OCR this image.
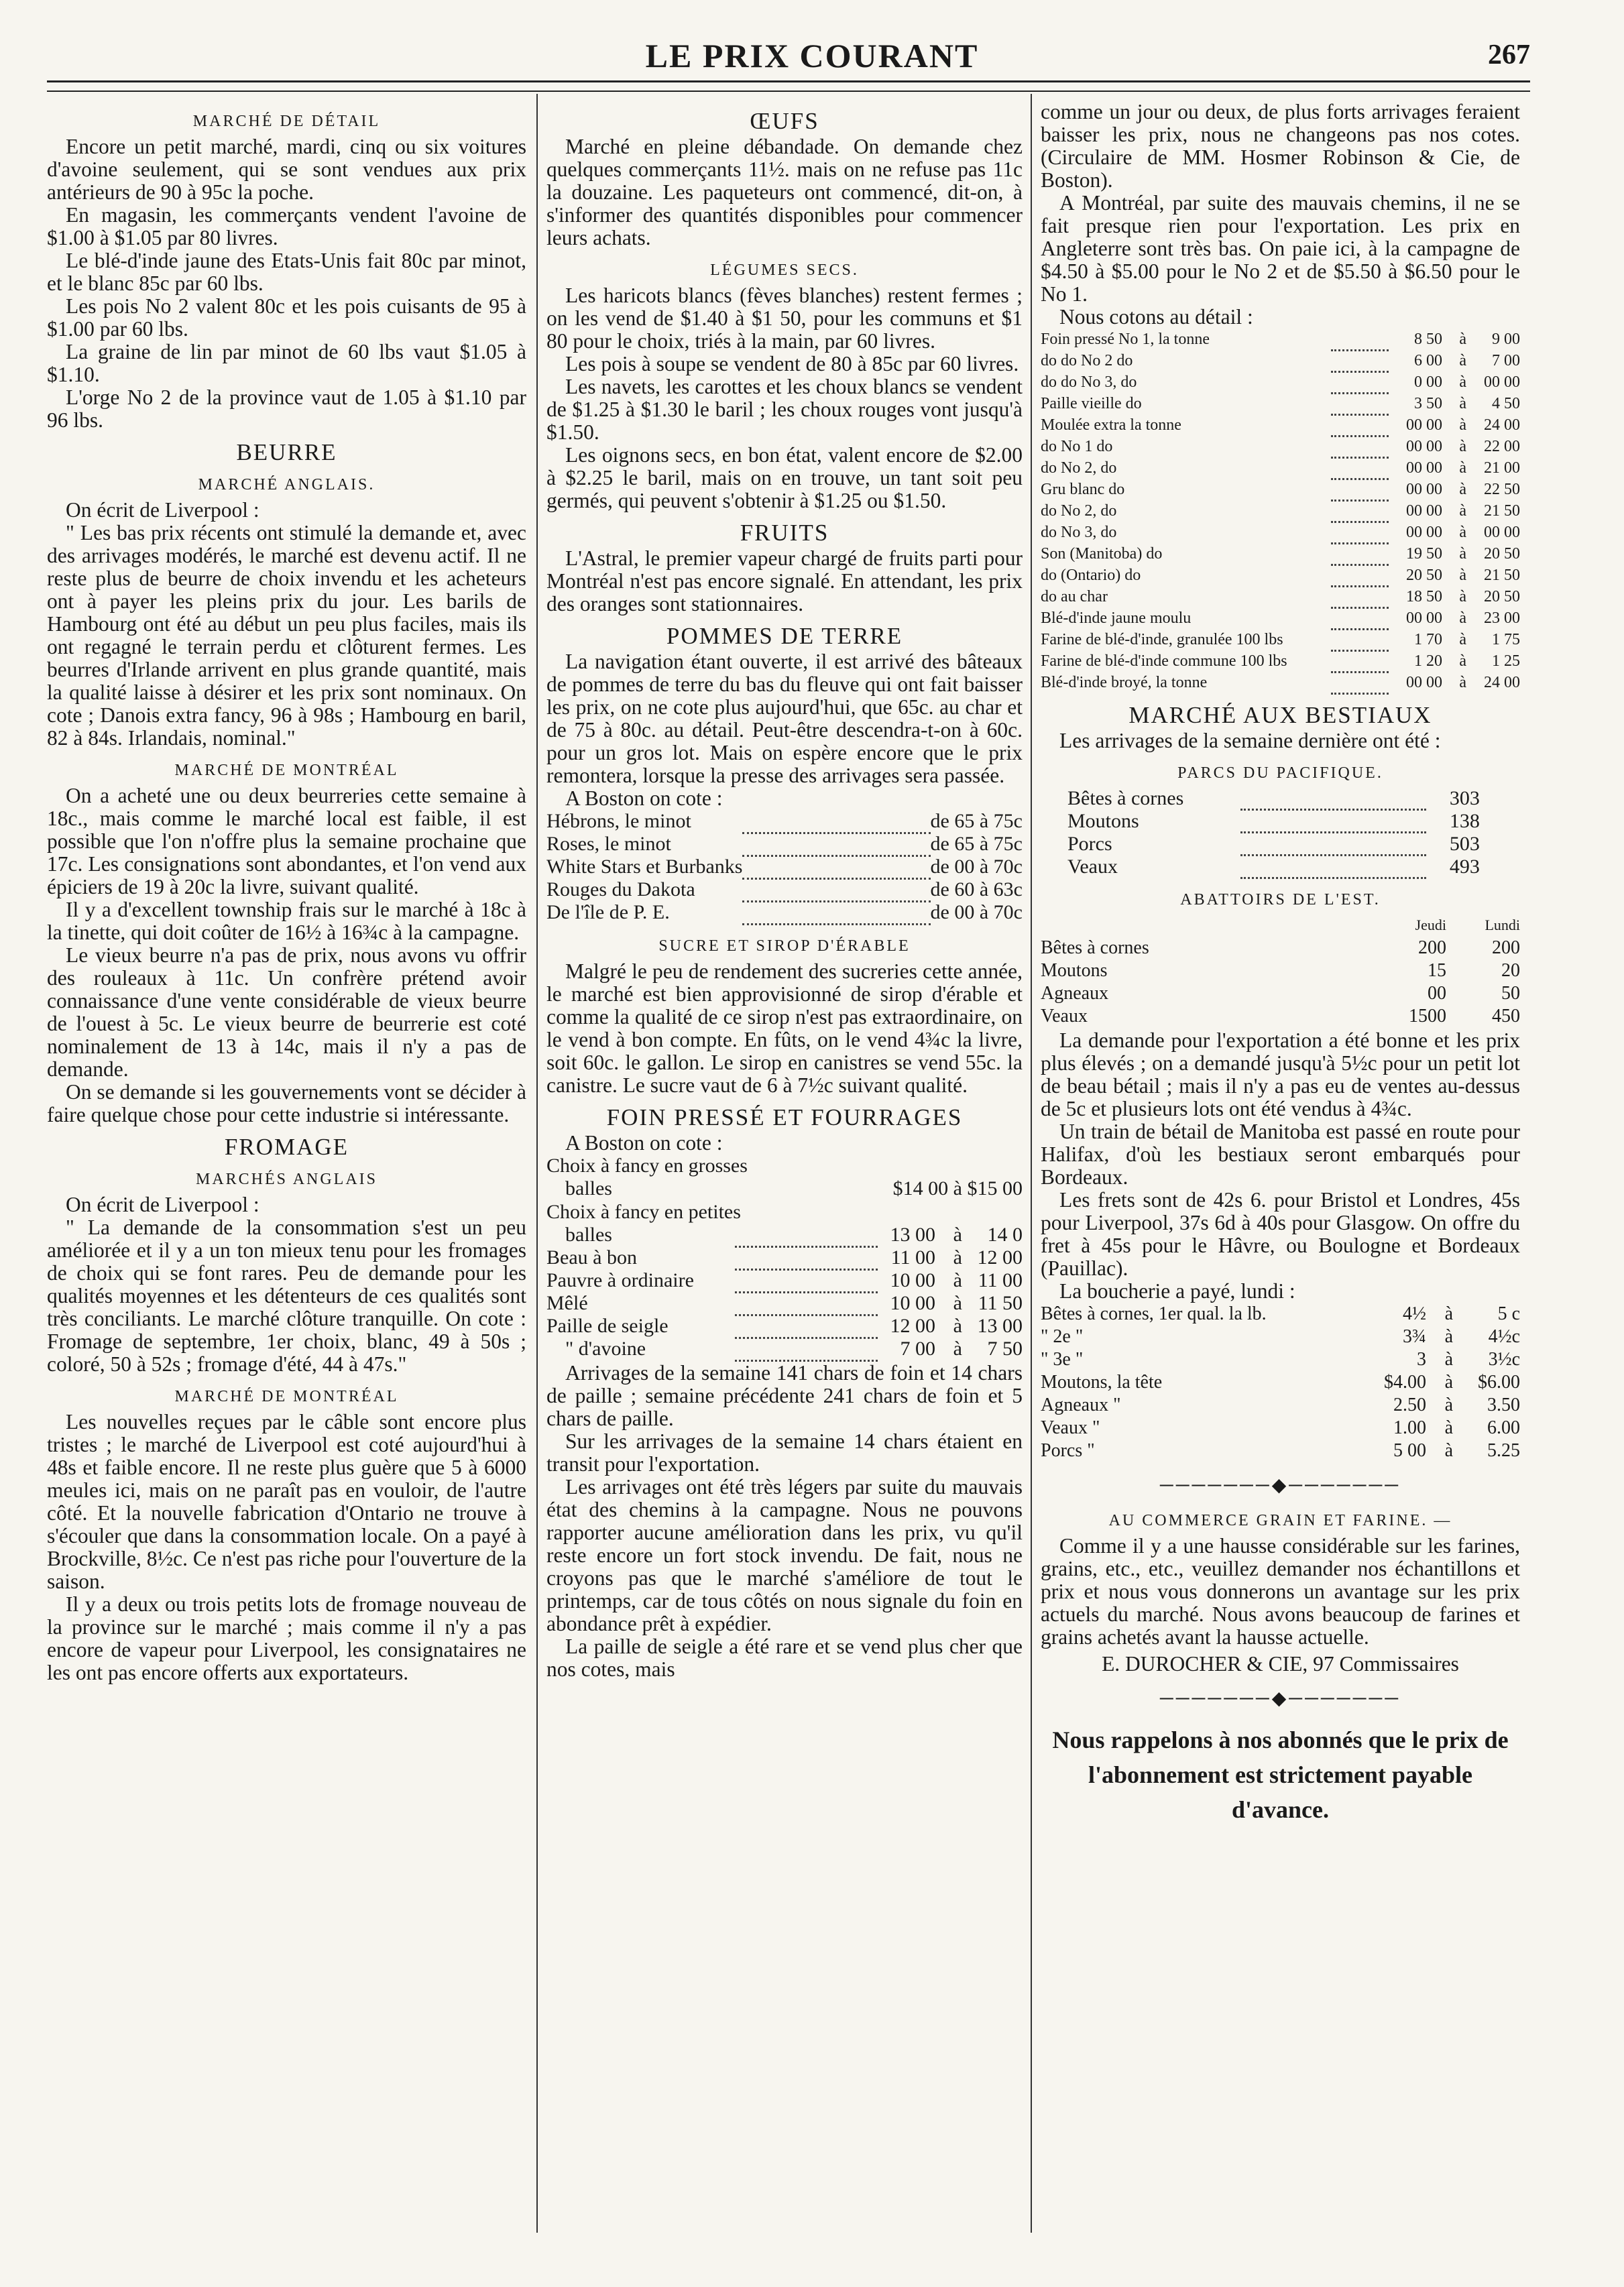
LE PRIX COURANT	267
MARCHÉ DE DÉTAIL

Encore un petit marché, mardi, cinq ou six voitures d'avoine seulement, qui se sont vendues aux prix antérieurs de 90 à 95c la poche.

En magasin, les commerçants vendent l'avoine de $1.00 à $1.05 par 80 livres.

Le blé-d'inde jaune des Etats-Unis fait 80c par minot, et le blanc 85c par 60 lbs.

Les pois No 2 valent 80c et les pois cuisants de 95 à $1.00 par 60 lbs.

La graine de lin par minot de 60 lbs vaut $1.05 à $1.10.

L'orge No 2 de la province vaut de 1.05 à $1.10 par 96 lbs.

BEURRE
MARCHÉ ANGLAIS.

On écrit de Liverpool :

" Les bas prix récents ont stimulé la demande et, avec des arrivages modérés, le marché est devenu actif. Il ne reste plus de beurre de choix invendu et les acheteurs ont à payer les pleins prix du jour. Les barils de Hambourg ont été au début un peu plus faciles, mais ils ont regagné le terrain perdu et clôturent fermes. Les beurres d'Irlande arrivent en plus grande quantité, mais la qualité laisse à désirer et les prix sont nominaux. On cote ; Danois extra fancy, 96 à 98s ; Hambourg en baril, 82 à 84s. Irlandais, nominal."

MARCHÉ DE MONTRÉAL

On a acheté une ou deux beurreries cette semaine à 18c., mais comme le marché local est faible, il est possible que l'on n'offre plus la semaine prochaine que 17c. Les consignations sont abondantes, et l'on vend aux épiciers de 19 à 20c la livre, suivant qualité.

Il y a d'excellent township frais sur le marché à 18c à la tinette, qui doit coûter de 16½ à 16¾c à la campagne.

Le vieux beurre n'a pas de prix, nous avons vu offrir des rouleaux à 11c. Un confrère prétend avoir connaissance d'une vente considérable de vieux beurre de l'ouest à 5c. Le vieux beurre de beurrerie est coté nominalement de 13 à 14c, mais il n'y a pas de demande.

On se demande si les gouvernements vont se décider à faire quelque chose pour cette industrie si intéressante.

FROMAGE
MARCHÉS ANGLAIS

On écrit de Liverpool :

" La demande de la consommation s'est un peu améliorée et il y a un ton mieux tenu pour les fromages de choix qui se font rares. Peu de demande pour les qualités moyennes et les détenteurs de ces qualités sont très conciliants. Le marché clôture tranquille. On cote : Fromage de septembre, 1er choix, blanc, 49 à 50s ; coloré, 50 à 52s ; fromage d'été, 44 à 47s."

MARCHÉ DE MONTRÉAL

Les nouvelles reçues par le câble sont encore plus tristes ; le marché de Liverpool est coté aujourd'hui à 48s et faible encore. Il ne reste plus guère que 5 à 6000 meules ici, mais on ne paraît pas en vouloir, de l'autre côté. Et la nouvelle fabrication d'Ontario ne trouve à s'écouler que dans la consommation locale. On a payé à Brockville, 8½c. Ce n'est pas riche pour l'ouverture de la saison.

Il y a deux ou trois petits lots de fromage nouveau de la province sur le marché ; mais comme il n'y a pas encore de vapeur pour Liverpool, les consignataires ne les ont pas encore offerts aux exportateurs.

ŒUFS

Marché en pleine débandade. On demande chez quelques commerçants 11½. mais on ne refuse pas 11c la douzaine. Les paqueteurs ont commencé, dit-on, à s'informer des quantités disponibles pour commencer leurs achats.

LÉGUMES SECS.

Les haricots blancs (fèves blanches) restent fermes ; on les vend de $1.40 à $1 50, pour les communs et $1 80 pour le choix, triés à la main, par 60 livres.

Les pois à soupe se vendent de 80 à 85c par 60 livres.

Les navets, les carottes et les choux blancs se vendent de $1.25 à $1.30 le baril ; les choux rouges vont jusqu'à $1.50.

Les oignons secs, en bon état, valent encore de $2.00 à $2.25 le baril, mais on en trouve, un tant soit peu germés, qui peuvent s'obtenir à $1.25 ou $1.50.

FRUITS

L'Astral, le premier vapeur chargé de fruits parti pour Montréal n'est pas encore signalé. En attendant, les prix des oranges sont stationnaires.

POMMES DE TERRE

La navigation étant ouverte, il est arrivé des bâteaux de pommes de terre du bas du fleuve qui ont fait baisser les prix, on ne cote plus aujourd'hui, que 65c. au char et de 75 à 80c. au détail. Peut-être descendra-t-on à 60c. pour un gros lot. Mais on espère encore que le prix remontera, lorsque la presse des arrivages sera passée.

A Boston on cote :

Hébrons, le minot		de 65 à 75c
Roses, le minot		de 65 à 75c
White Stars et Burbanks		de 00 à 70c
Rouges du Dakota		de 60 à 63c
De l'île de P. E.		de 00 à 70c
SUCRE ET SIROP D'ÉRABLE

Malgré le peu de rendement des sucreries cette année, le marché est bien approvisionné de sirop d'érable et comme la qualité de ce sirop n'est pas extraordinaire, on le vend à bon compte. En fûts, on le vend 4¾c la livre, soit 60c. le gallon. Le sirop en canistres se vend 55c. la canistre. Le sucre vaut de 6 à 7½c suivant qualité.

FOIN PRESSÉ ET FOURRAGES

A Boston on cote :

Choix à fancy en grosses
balles		$14 00 à $15 00
Choix à fancy en petites
balles		13 00	à	14 0
Beau à bon		11 00	à	12 00
Pauvre à ordinaire		10 00	à	11 00
Mêlé		10 00	à	11 50
Paille de seigle		12 00	à	13 00
" d'avoine		7 00	à	7 50

Arrivages de la semaine 141 chars de foin et 14 chars de paille ; semaine précédente 241 chars de foin et 5 chars de paille.

Sur les arrivages de la semaine 14 chars étaient en transit pour l'exportation.

Les arrivages ont été très légers par suite du mauvais état des chemins à la campagne. Nous ne pouvons rapporter aucune amélioration dans les prix, vu qu'il reste encore un fort stock invendu. De fait, nous ne croyons pas que le marché s'améliore de tout le printemps, car de tous côtés on nous signale du foin en abondance prêt à expédier.

La paille de seigle a été rare et se vend plus cher que nos cotes, mais

comme un jour ou deux, de plus forts arrivages feraient baisser les prix, nous ne changeons pas nos cotes. (Circulaire de MM. Hosmer Robinson & Cie, de Boston).

A Montréal, par suite des mauvais chemins, il ne se fait presque rien pour l'exportation. Les prix en Angleterre sont très bas. On paie ici, à la campagne de $4.50 à $5.00 pour le No 2 et de $5.50 à $6.50 pour le No 1.

Nous cotons au détail :

Foin pressé No 1, la tonne		8 50	à	9 00
do do No 2 do		6 00	à	7 00
do do No 3, do		0 00	à	00 00
Paille vieille do		3 50	à	4 50
Moulée extra la tonne		00 00	à	24 00
do No 1 do		00 00	à	22 00
do No 2, do		00 00	à	21 00
Gru blanc do		00 00	à	22 50
do No 2, do		00 00	à	21 50
do No 3, do		00 00	à	00 00
Son (Manitoba) do		19 50	à	20 50
do (Ontario) do		20 50	à	21 50
do au char		18 50	à	20 50
Blé-d'inde jaune moulu		00 00	à	23 00
Farine de blé-d'inde, granulée 100 lbs		1 70	à	1 75
Farine de blé-d'inde commune 100 lbs		1 20	à	1 25
Blé-d'inde broyé, la tonne		00 00	à	24 00
MARCHÉ AUX BESTIAUX

Les arrivages de la semaine dernière ont été :

PARCS DU PACIFIQUE.
Bêtes à cornes		303
Moutons		138
Porcs		503
Veaux		493
ABATTOIRS DE L'EST.
		Jeudi	Lundi
Bêtes à cornes		200	200
Moutons		15	20
Agneaux		00	50
Veaux		1500	450

La demande pour l'exportation a été bonne et les prix plus élevés ; on a demandé jusqu'à 5½c pour un petit lot de beau bétail ; mais il n'y a pas eu de ventes au-dessus de 5c et plusieurs lots ont été vendus à 4¾c.

Un train de bétail de Manitoba est passé en route pour Halifax, d'où les bestiaux seront embarqués pour Bordeaux.

Les frets sont de 42s 6. pour Bristol et Londres, 45s pour Liverpool, 37s 6d à 40s pour Glasgow. On offre du fret à 45s pour le Hâvre, ou Boulogne et Bordeaux (Pauillac).

La boucherie a payé, lundi :

Bêtes à cornes, 1er qual. la lb.	4½	à	5 c
" 2e "	3¾	à	4½c
" 3e "	3	à	3½c
Moutons, la tête	$4.00	à	$6.00
Agneaux "	2.50	à	3.50
Veaux "	1.00	à	6.00
Porcs "	5 00	à	5.25
───────◆───────
AU COMMERCE GRAIN ET FARINE. —

Comme il y a une hausse considérable sur les farines, grains, etc., etc., veuillez demander nos échantillons et prix et nous vous donnerons un avantage sur les prix actuels du marché. Nous avons beaucoup de farines et grains achetés avant la hausse actuelle.

E. DUROCHER & CIE, 97 Commissaires
───────◆───────
Nous rappelons à nos abonnés que le prix de l'abonnement est strictement payable d'avance.
